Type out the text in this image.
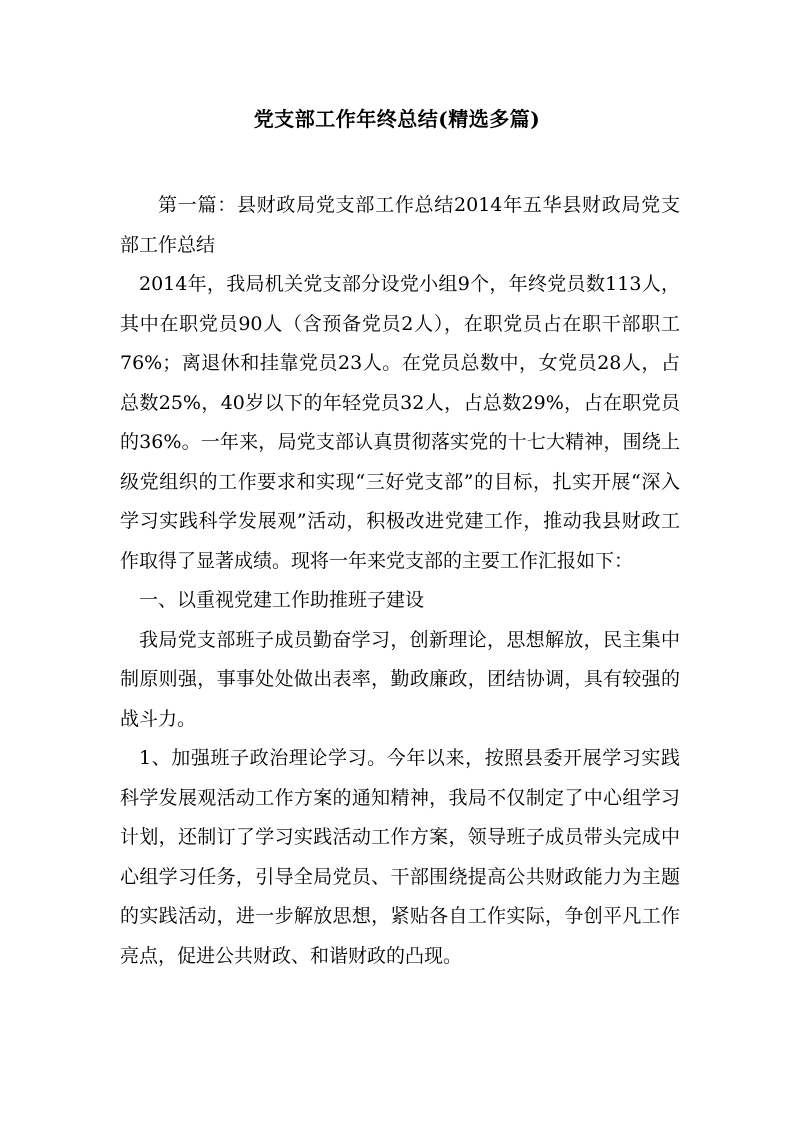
党支部工作年终总结(精选多篇)

第一篇：县财政局党支部工作总结2014年五华县财政局党支部工作总结

2014年，我局机关党支部分设党小组9个，年终党员数113人，其中在职党员90人（含预备党员2人），在职党员占在职干部职工76%；离退休和挂靠党员23人。在党员总数中，女党员28人，占总数25%，40岁以下的年轻党员32人，占总数29%，占在职党员的36%。一年来，局党支部认真贯彻落实党的十七大精神，围绕上级党组织的工作要求和实现“三好党支部”的目标，扎实开展“深入学习实践科学发展观”活动，积极改进党建工作，推动我县财政工作取得了显著成绩。现将一年来党支部的主要工作汇报如下：

一、以重视党建工作助推班子建设

我局党支部班子成员勤奋学习，创新理论，思想解放，民主集中制原则强，事事处处做出表率，勤政廉政，团结协调，具有较强的战斗力。

1、加强班子政治理论学习。今年以来，按照县委开展学习实践科学发展观活动工作方案的通知精神，我局不仅制定了中心组学习计划，还制订了学习实践活动工作方案，领导班子成员带头完成中心组学习任务，引导全局党员、干部围绕提高公共财政能力为主题的实践活动，进一步解放思想，紧贴各自工作实际，争创平凡工作亮点，促进公共财政、和谐财政的凸现。
